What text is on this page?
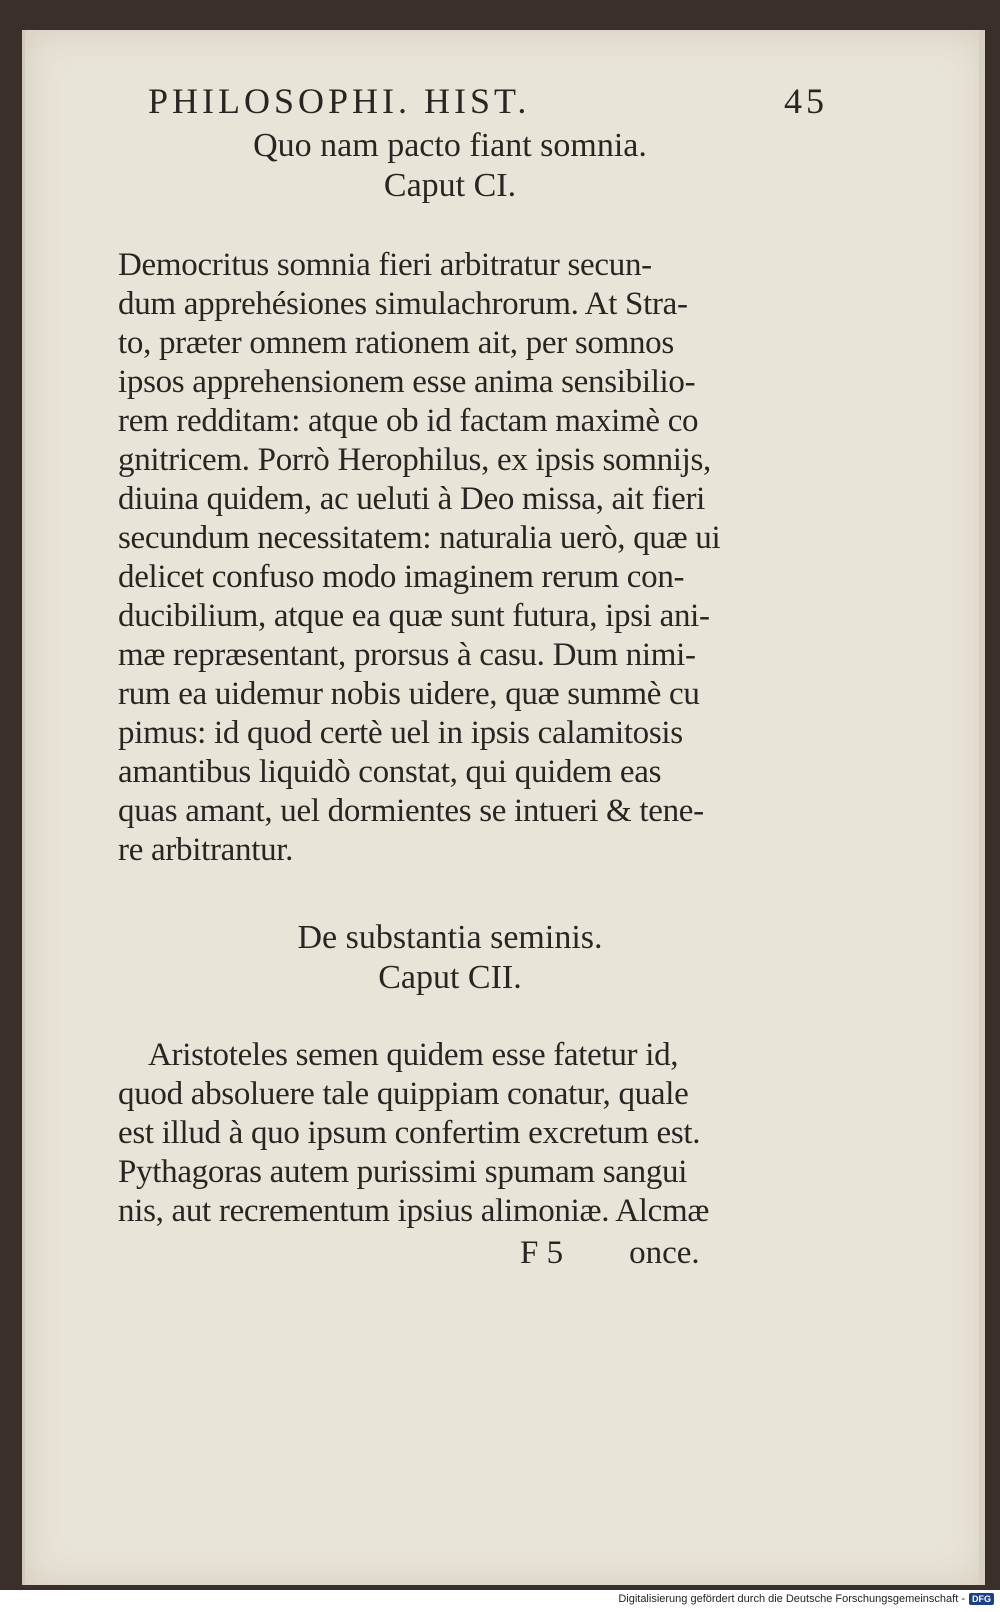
PHILOSOPHI. HIST.	45
Quo nam pacto fiant somnia.
Caput CI.
Democritus somnia fieri arbitratur secun-
dum apprehésiones simulachrorum. At Stra-
to, præter omnem rationem ait, per somnos
ipsos apprehensionem esse anima sensibilio-
rem redditam: atque ob id factam maximè co
gnitricem. Porrò Herophilus, ex ipsis somnijs,
diuina quidem, ac ueluti à Deo missa, ait fieri
secundum necessitatem: naturalia uerò, quæ ui
delicet confuso modo imaginem rerum con-
ducibilium, atque ea quæ sunt futura, ipsi ani-
mæ repræsentant, prorsus à casu. Dum nimi-
rum ea uidemur nobis uidere, quæ summè cu
pimus: id quod certè uel in ipsis calamitosis
amantibus liquidò constat, qui quidem eas
quas amant, uel dormientes se intueri & tene-
re arbitrantur.
De substantia seminis.
Caput CII.
Aristoteles semen quidem esse fatetur id,
quod absoluere tale quippiam conatur, quale
est illud à quo ipsum confertim excretum est.
Pythagoras autem purissimi spumam sangui
nis, aut recrementum ipsius alimoniæ. Alcmæ
F 5 once.
Digitalisierung gefördert durch die Deutsche Forschungsgemeinschaft - DFG
